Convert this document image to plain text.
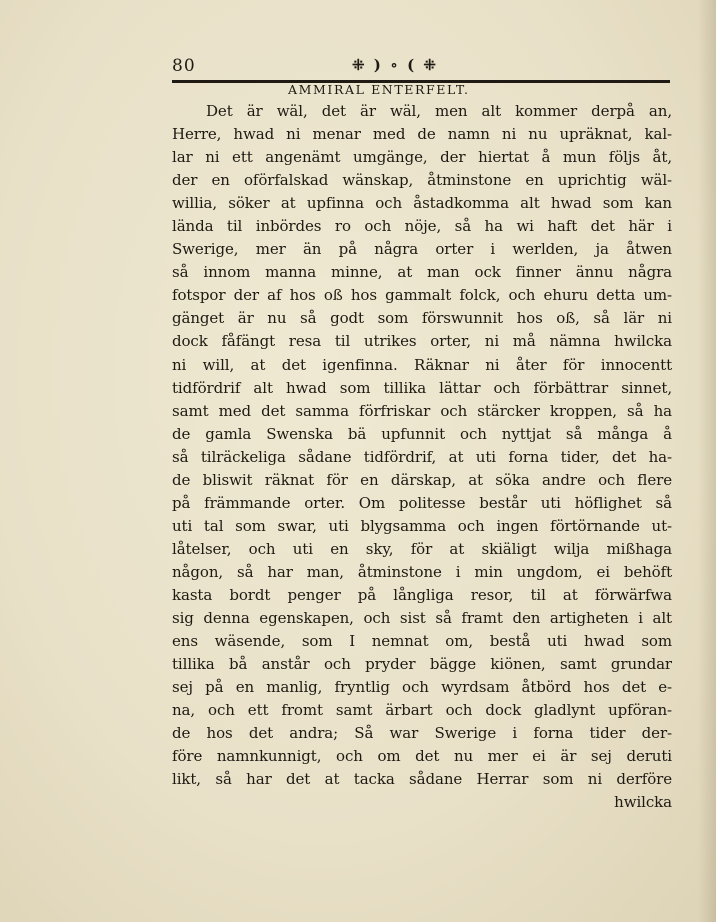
80	⁜ ) ∘ ( ⁜
AMMIRAL ENTERFELT.
Det är wäl, det är wäl, men alt kommer derpå an,
Herre, hwad ni menar med de namn ni nu upräknat, kal-
lar ni ett angenämt umgänge, der hiertat å mun följs åt,
der en oförfalskad wänskap, åtminstone en uprichtig wäl-
willia, söker at upfinna och åstadkomma alt hwad som kan
lända til inbördes ro och nöje, så ha wi haft det här i
Swerige, mer än på några orter i werlden, ja åtwen
så innom manna minne, at man ock finner ännu några
fotspor der af hos oß hos gammalt folck, och ehuru detta um-
gänget är nu så godt som förswunnit hos oß, så lär ni
dock fåfängt resa til utrikes orter, ni må nämna hwilcka
ni will, at det igenfinna. Räknar ni åter för innocentt
tidfördrif alt hwad som tillika lättar och förbättrar sinnet,
samt med det samma förfriskar och stärcker kroppen, så ha
de gamla Swenska bä upfunnit och nyttjat så många å
så tilräckeliga sådane tidfördrif, at uti forna tider, det ha-
de bliswit räknat för en därskap, at söka andre och flere
på främmande orter. Om politesse består uti höflighet så
uti tal som swar, uti blygsamma och ingen förtörnande ut-
låtelser, och uti en sky, för at skiäligt wilja mißhaga
någon, så har man, åtminstone i min ungdom, ei behöft
kasta bordt penger på långliga resor, til at förwärfwa
sig denna egenskapen, och sist så framt den artigheten i alt
ens wäsende, som I nemnat om, bestå uti hwad som
tillika bå anstår och pryder bägge kiönen, samt grundar
sej på en manlig, fryntlig och wyrdsam åtbörd hos det e-
na, och ett fromt samt ärbart och dock gladlynt upföran-
de hos det andra; Så war Swerige i forna tider der-
före namnkunnigt, och om det nu mer ei är sej deruti
likt, så har det at tacka sådane Herrar som ni derföre
hwilcka
